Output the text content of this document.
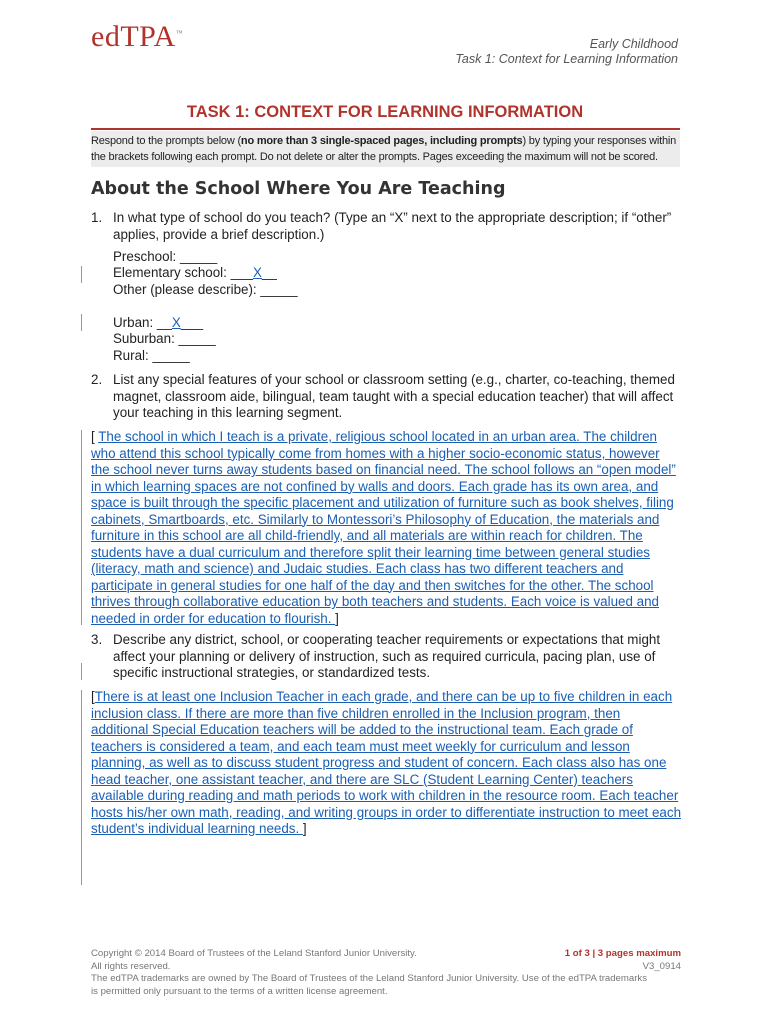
edTPA™
Early Childhood
Task 1: Context for Learning Information
TASK 1: CONTEXT FOR LEARNING INFORMATION
Respond to the prompts below (no more than 3 single-spaced pages, including prompts) by typing your responses within the brackets following each prompt. Do not delete or alter the prompts. Pages exceeding the maximum will not be scored.
About the School Where You Are Teaching
1. In what type of school do you teach? (Type an “X” next to the appropriate description; if “other” applies, provide a brief description.)
Preschool: _____
Elementary school: ___X__
Other (please describe): _____
Urban: __X___
Suburban: _____
Rural: _____
2. List any special features of your school or classroom setting (e.g., charter, co-teaching, themed magnet, classroom aide, bilingual, team taught with a special education teacher) that will affect your teaching in this learning segment.
[ The school in which I teach is a private, religious school located in an urban area. The children who attend this school typically come from homes with a higher socio-economic status, however the school never turns away students based on financial need. The school follows an “open model” in which learning spaces are not confined by walls and doors. Each grade has its own area, and space is built through the specific placement and utilization of furniture such as book shelves, filing cabinets, Smartboards, etc. Similarly to Montessori’s Philosophy of Education, the materials and furniture in this school are all child-friendly, and all materials are within reach for children. The students have a dual curriculum and therefore split their learning time between general studies (literacy, math and science) and Judaic studies. Each class has two different teachers and participate in general studies for one half of the day and then switches for the other. The school thrives through collaborative education by both teachers and students. Each voice is valued and needed in order for education to flourish. ]
3. Describe any district, school, or cooperating teacher requirements or expectations that might affect your planning or delivery of instruction, such as required curricula, pacing plan, use of specific instructional strategies, or standardized tests.
[There is at least one Inclusion Teacher in each grade, and there can be up to five children in each inclusion class. If there are more than five children enrolled in the Inclusion program, then additional Special Education teachers will be added to the instructional team. Each grade of teachers is considered a team, and each team must meet weekly for curriculum and lesson planning, as well as to discuss student progress and student of concern. Each class also has one head teacher, one assistant teacher, and there are SLC (Student Learning Center) teachers available during reading and math periods to work with children in the resource room. Each teacher hosts his/her own math, reading, and writing groups in order to differentiate instruction to meet each student’s individual learning needs. ]
Copyright © 2014 Board of Trustees of the Leland Stanford Junior University.
All rights reserved.
The edTPA trademarks are owned by The Board of Trustees of the Leland Stanford Junior University. Use of the edTPA trademarks is permitted only pursuant to the terms of a written license agreement.
1 of 3 | 3 pages maximum
V3_0914
